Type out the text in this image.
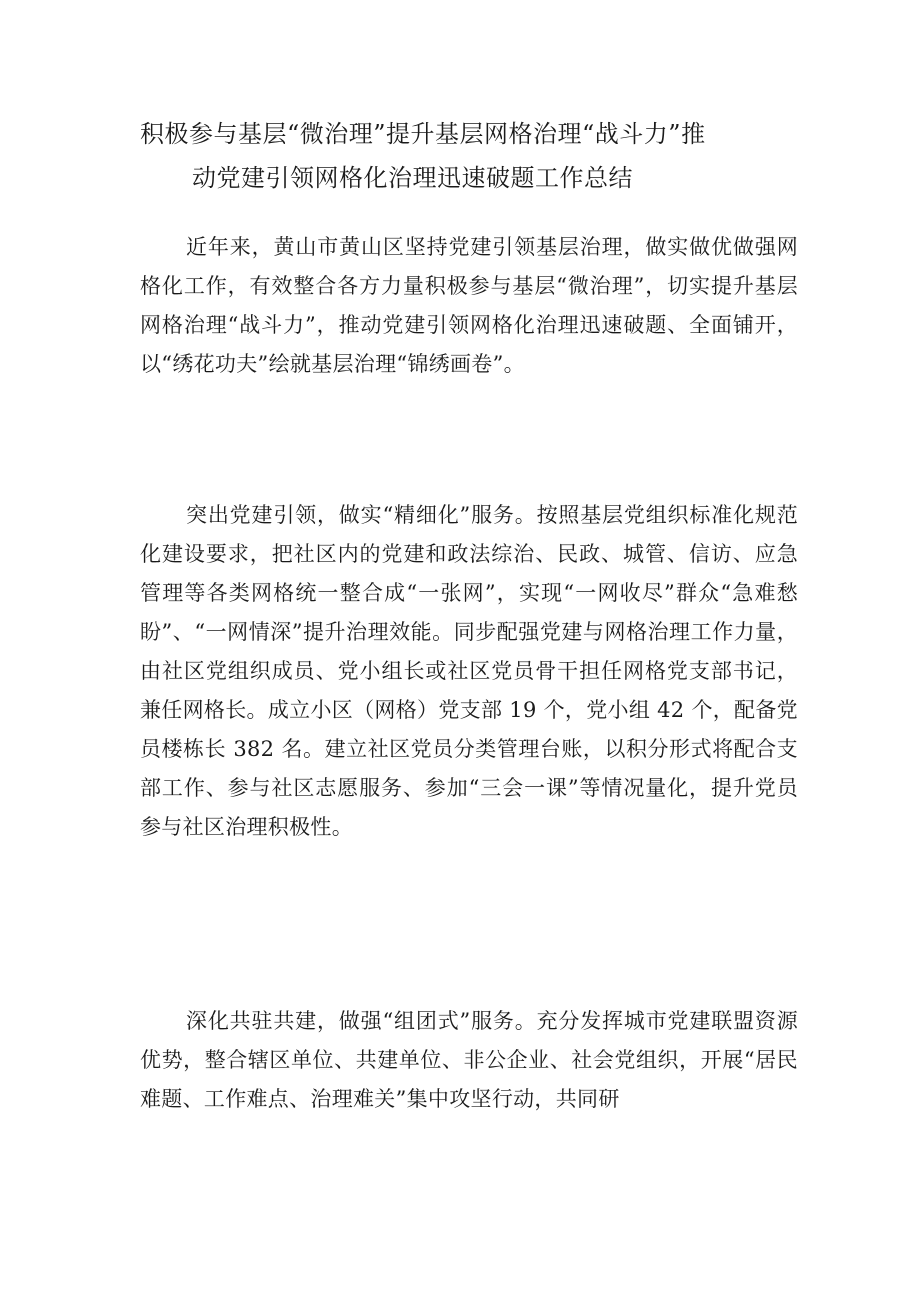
积极参与基层“微治理”提升基层网格治理“战斗力”推
动党建引领网格化治理迅速破题工作总结

近年来，黄山市黄山区坚持党建引领基层治理，做实做优做强网格化工作，有效整合各方力量积极参与基层“微治理”，切实提升基层网格治理“战斗力”，推动党建引领网格化治理迅速破题、全面铺开，以“绣花功夫”绘就基层治理“锦绣画卷”。

突出党建引领，做实“精细化”服务。按照基层党组织标准化规范化建设要求，把社区内的党建和政法综治、民政、城管、信访、应急管理等各类网格统一整合成“一张网”，实现“一网收尽”群众“急难愁盼”、“一网情深”提升治理效能。同步配强党建与网格治理工作力量，由社区党组织成员、党小组长或社区党员骨干担任网格党支部书记，兼任网格长。成立小区（网格）党支部 19 个，党小组 42 个，配备党员楼栋长 382 名。建立社区党员分类管理台账，以积分形式将配合支部工作、参与社区志愿服务、参加“三会一课”等情况量化，提升党员参与社区治理积极性。

深化共驻共建，做强“组团式”服务。充分发挥城市党建联盟资源优势，整合辖区单位、共建单位、非公企业、社会党组织，开展“居民难题、工作难点、治理难关”集中攻坚行动，共同研
